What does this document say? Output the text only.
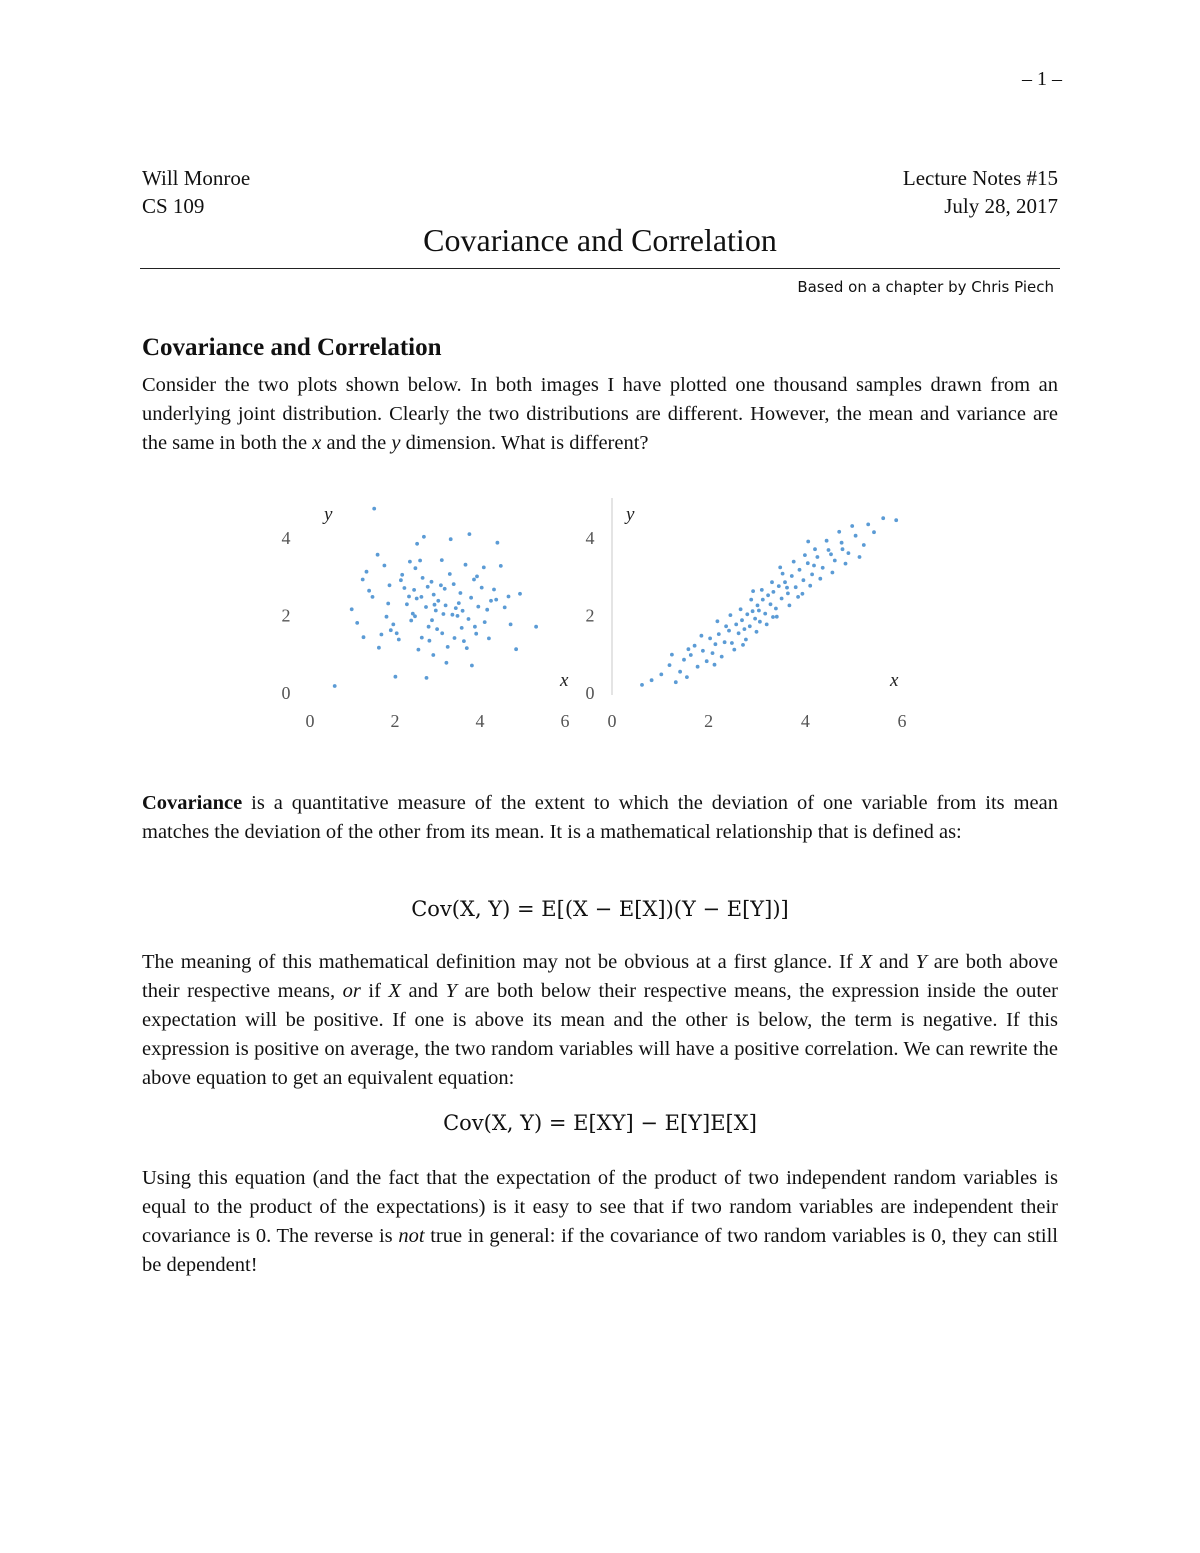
– 1 –
Will Monroe
CS 109
Lecture Notes #15
July 28, 2017
Covariance and Correlation
Based on a chapter by Chris Piech
Covariance and Correlation
Consider the two plots shown below. In both images I have plotted one thousand samples drawn from an underlying joint distribution. Clearly the two distributions are different. However, the mean and variance are the same in both the x and the y dimension. What is different?
0
2
4
0	2	4	6
y
x
0
2
4
0	2	4	6
y
x
Covariance is a quantitative measure of the extent to which the deviation of one variable from its mean matches the deviation of the other from its mean. It is a mathematical relationship that is defined as:
Cov(X, Y) = E[(X − E[X])(Y − E[Y])]
The meaning of this mathematical definition may not be obvious at a first glance. If X and Y are both above their respective means, or if X and Y are both below their respective means, the expression inside the outer expectation will be positive. If one is above its mean and the other is below, the term is negative. If this expression is positive on average, the two random variables will have a positive correlation. We can rewrite the above equation to get an equivalent equation:
Cov(X, Y) = E[XY] − E[Y]E[X]
Using this equation (and the fact that the expectation of the product of two independent random variables is equal to the product of the expectations) is it easy to see that if two random variables are independent their covariance is 0. The reverse is not true in general: if the covariance of two random variables is 0, they can still be dependent!
